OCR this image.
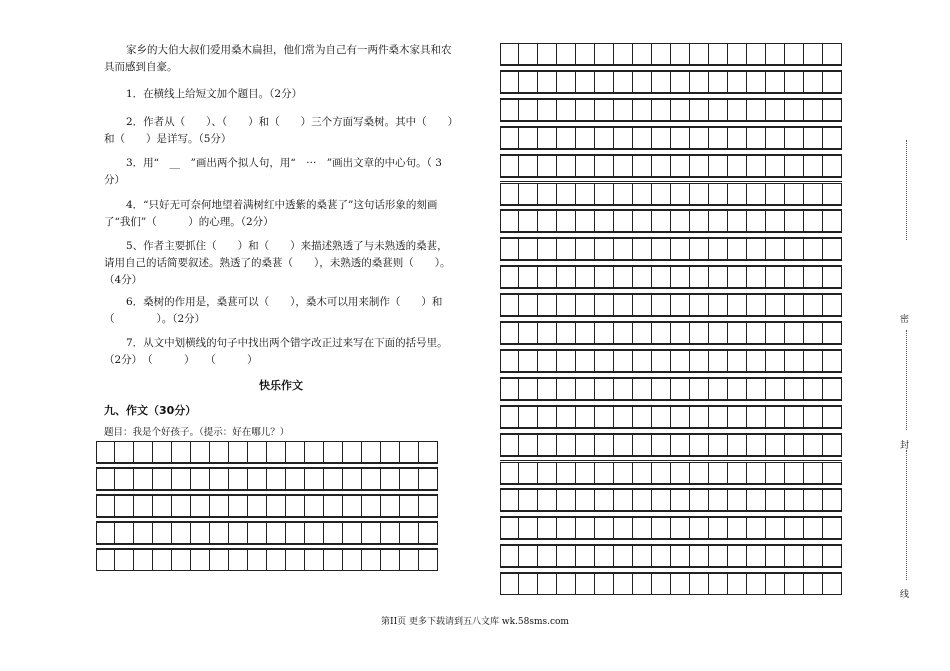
家乡的大伯大叔们爱用桑木扁担，他们常为自己有一两件桑木家具和农具而感到自豪。
1．在横线上给短文加个题目。（2分）
2．作者从（　　）、（　　）和（　　）三个方面写桑树。其中（　　）和（　　）是详写。（5分）
3．用“　__　”画出两个拟人句，用“　···　”画出文章的中心句。（ 3分）
4．“只好无可奈何地望着满树红中透紫的桑葚了”这句话形象的刻画了“我们”（　　　）的心理。（2分）
5、作者主要抓住（　　）和（　　）来描述熟透了与未熟透的桑葚，请用自己的话简要叙述。熟透了的桑葚（　　），未熟透的桑葚则（　　）。（4分）
6．桑树的作用是，桑葚可以（　　），桑木可以用来制作（　　）和（　　　　）。（2分）
7．从文中划横线的句子中找出两个错字改正过来写在下面的括号里。（2分）　（　　　）　　（　　　）
快乐作文
九、作文（30分）
题目：我是个好孩子。（提示：好在哪儿？）
第II页 更多下载请到五八文库 wk.58sms.com
密
封
线
